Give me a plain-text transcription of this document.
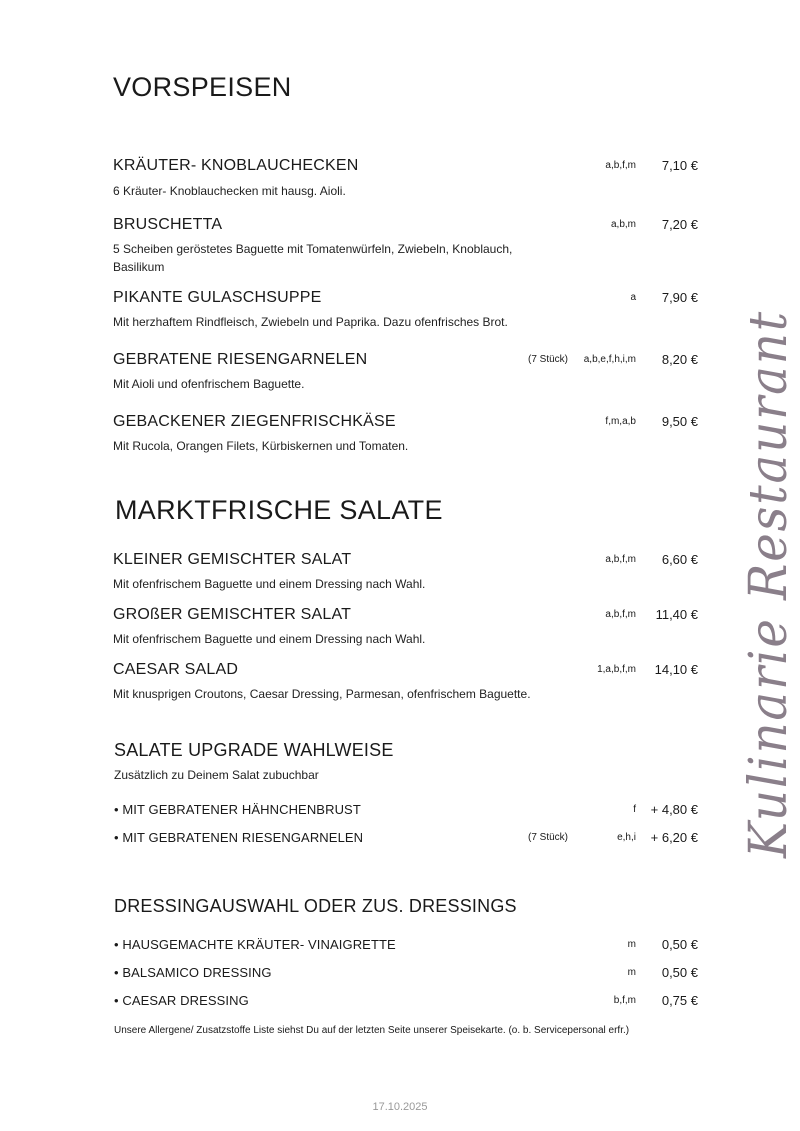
VORSPEISEN
KRÄUTER- KNOBLAUCHECKEN	a,b,f,m	7,10 €
6 Kräuter- Knoblauchecken mit hausg. Aioli.
BRUSCHETTA	a,b,m	7,20 €
5 Scheiben geröstetes Baguette mit Tomatenwürfeln, Zwiebeln, Knoblauch,
Basilikum
PIKANTE GULASCHSUPPE	a	7,90 €
Mit herzhaftem Rindfleisch, Zwiebeln und Paprika. Dazu ofenfrisches Brot.
GEBRATENE RIESENGARNELEN	(7 Stück)	a,b,e,f,h,i,m	8,20 €
Mit Aioli und ofenfrischem Baguette.
GEBACKENER ZIEGENFRISCHKÄSE	f,m,a,b	9,50 €
Mit Rucola, Orangen Filets, Kürbiskernen und Tomaten.
MARKTFRISCHE SALATE
KLEINER GEMISCHTER SALAT	a,b,f,m	6,60 €
Mit ofenfrischem Baguette und einem Dressing nach Wahl.
GROßER GEMISCHTER SALAT	a,b,f,m	11,40 €
Mit ofenfrischem Baguette und einem Dressing nach Wahl.
CAESAR SALAD	1,a,b,f,m	14,10 €
Mit knusprigen Croutons, Caesar Dressing, Parmesan, ofenfrischem Baguette.
SALATE UPGRADE WAHLWEISE
Zusätzlich zu Deinem Salat zubuchbar
• MIT GEBRATENER HÄHNCHENBRUST	f	+ 4,80 €
• MIT GEBRATENEN RIESENGARNELEN	(7 Stück)	e,h,i	+ 6,20 €
DRESSINGAUSWAHL ODER ZUS. DRESSINGS
• HAUSGEMACHTE KRÄUTER- VINAIGRETTE	m	0,50 €
• BALSAMICO DRESSING	m	0,50 €
• CAESAR DRESSING	b,f,m	0,75 €
Unsere Allergene/ Zusatzstoffe Liste siehst Du auf der letzten Seite unserer Speisekarte. (o. b. Servicepersonal erfr.)
17.10.2025
Kulinarie Restaurant
